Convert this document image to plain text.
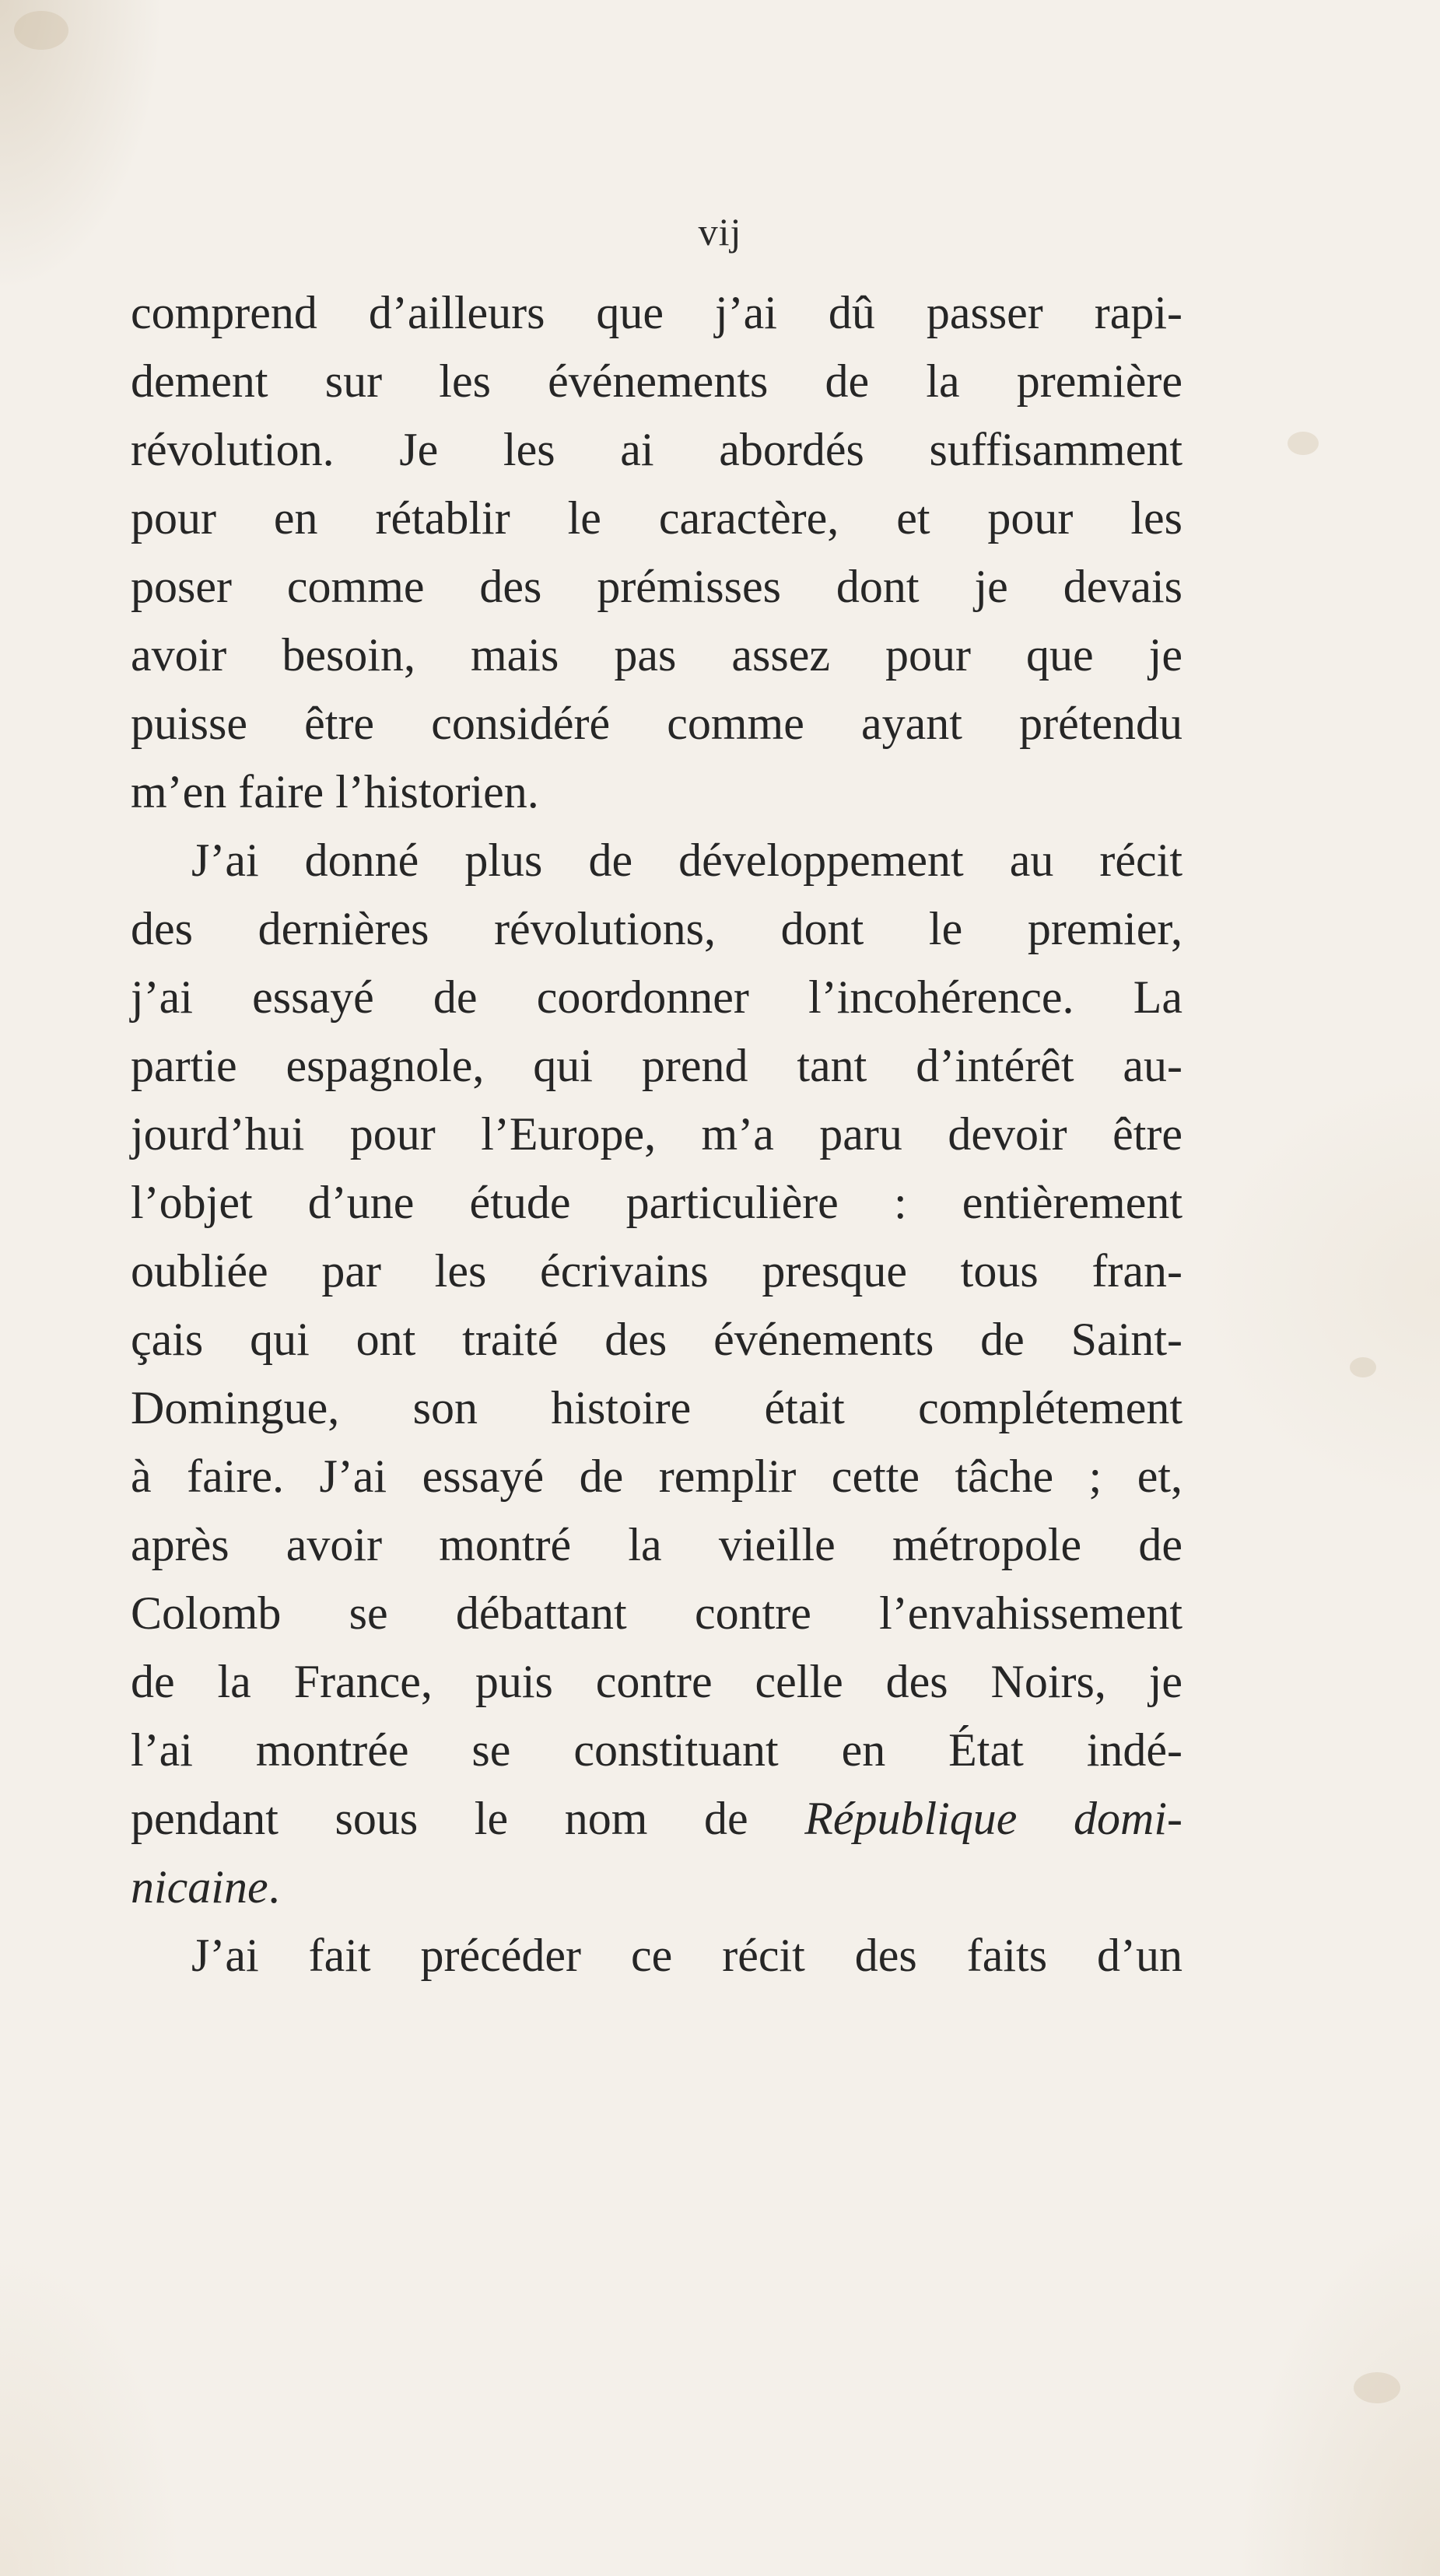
vij
comprend d’ailleurs que j’ai dû passer rapi-
dement sur les événements de la première
révolution. Je les ai abordés suffisamment
pour en rétablir le caractère, et pour les
poser comme des prémisses dont je devais
avoir besoin, mais pas assez pour que je
puisse être considéré comme ayant prétendu
m’en faire l’historien.
J’ai donné plus de développement au récit
des dernières révolutions, dont le premier,
j’ai essayé de coordonner l’incohérence. La
partie espagnole, qui prend tant d’intérêt au-
jourd’hui pour l’Europe, m’a paru devoir être
l’objet d’une étude particulière : entièrement
oubliée par les écrivains presque tous fran-
çais qui ont traité des événements de Saint-
Domingue, son histoire était complétement
à faire. J’ai essayé de remplir cette tâche ; et,
après avoir montré la vieille métropole de
Colomb se débattant contre l’envahissement
de la France, puis contre celle des Noirs, je
l’ai montrée se constituant en État indé-
pendant sous le nom de République domi-
nicaine.
J’ai fait précéder ce récit des faits d’un
